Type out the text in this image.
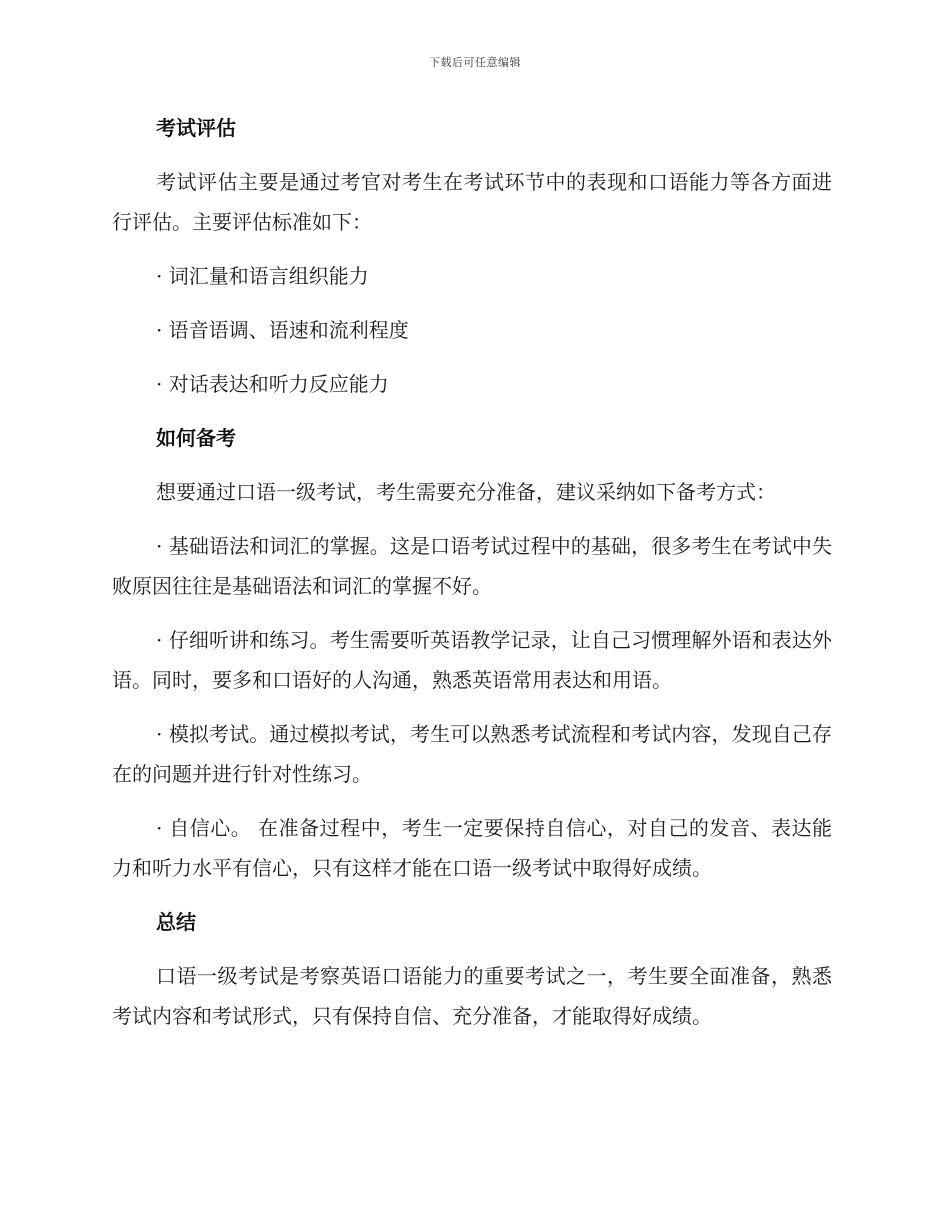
下载后可任意编辑
考试评估

考试评估主要是通过考官对考生在考试环节中的表现和口语能力等各方面进行评估。主要评估标准如下：

· 词汇量和语言组织能力

· 语音语调、语速和流利程度

· 对话表达和听力反应能力

如何备考

想要通过口语一级考试，考生需要充分准备，建议采纳如下备考方式：

· 基础语法和词汇的掌握。这是口语考试过程中的基础，很多考生在考试中失败原因往往是基础语法和词汇的掌握不好。

· 仔细听讲和练习。考生需要听英语教学记录，让自己习惯理解外语和表达外语。同时，要多和口语好的人沟通，熟悉英语常用表达和用语。

· 模拟考试。通过模拟考试，考生可以熟悉考试流程和考试内容，发现自己存在的问题并进行针对性练习。

· 自信心。 在准备过程中，考生一定要保持自信心，对自己的发音、表达能力和听力水平有信心，只有这样才能在口语一级考试中取得好成绩。

总结

口语一级考试是考察英语口语能力的重要考试之一，考生要全面准备，熟悉考试内容和考试形式，只有保持自信、充分准备，才能取得好成绩。
